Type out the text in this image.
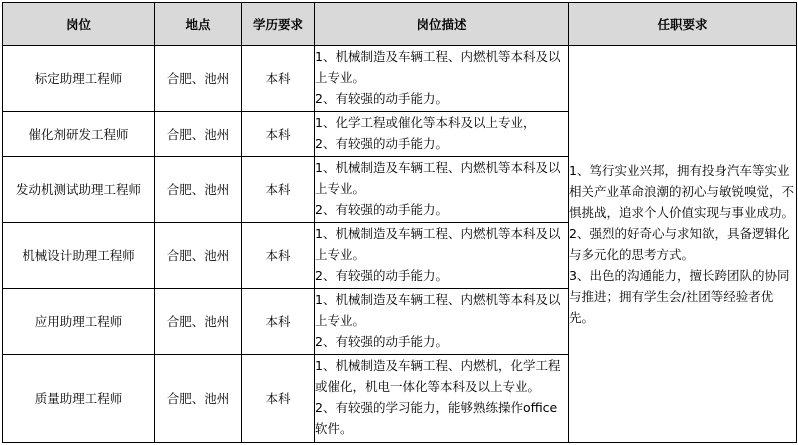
岗位	地点	学历要求	岗位描述	任职要求
标定助理工程师	合肥、池州	本科	1、机械制造及车辆工程、内燃机等本科及以上专业。
2、有较强的动手能力。	1、笃行实业兴邦，拥有投身汽车等实业相关产业革命浪潮的初心与敏锐嗅觉，不惧挑战，追求个人价值实现与事业成功。
2、强烈的好奇心与求知欲，具备逻辑化与多元化的思考方式。
3、出色的沟通能力，擅长跨团队的协同与推进；拥有学生会/社团等经验者优先。

催化剂研发工程师	合肥、池州	本科	1、化学工程或催化等本科及以上专业，
2、有较强的动手能力。	

发动机测试助理工程师	合肥、池州	本科	1、机械制造及车辆工程、内燃机等本科及以上专业。
2、有较强的动手能力。	

机械设计助理工程师	合肥、池州	本科	1、机械制造及车辆工程、内燃机等本科及以上专业。
2、有较强的动手能力。	

应用助理工程师	合肥、池州	本科	1、机械制造及车辆工程、内燃机等本科及以上专业。
2、有较强的动手能力。	

质量助理工程师	合肥、池州	本科	1、机械制造及车辆工程、内燃机，化学工程或催化，机电一体化等本科及以上专业。
2、有较强的学习能力，能够熟练操作office软件。	
